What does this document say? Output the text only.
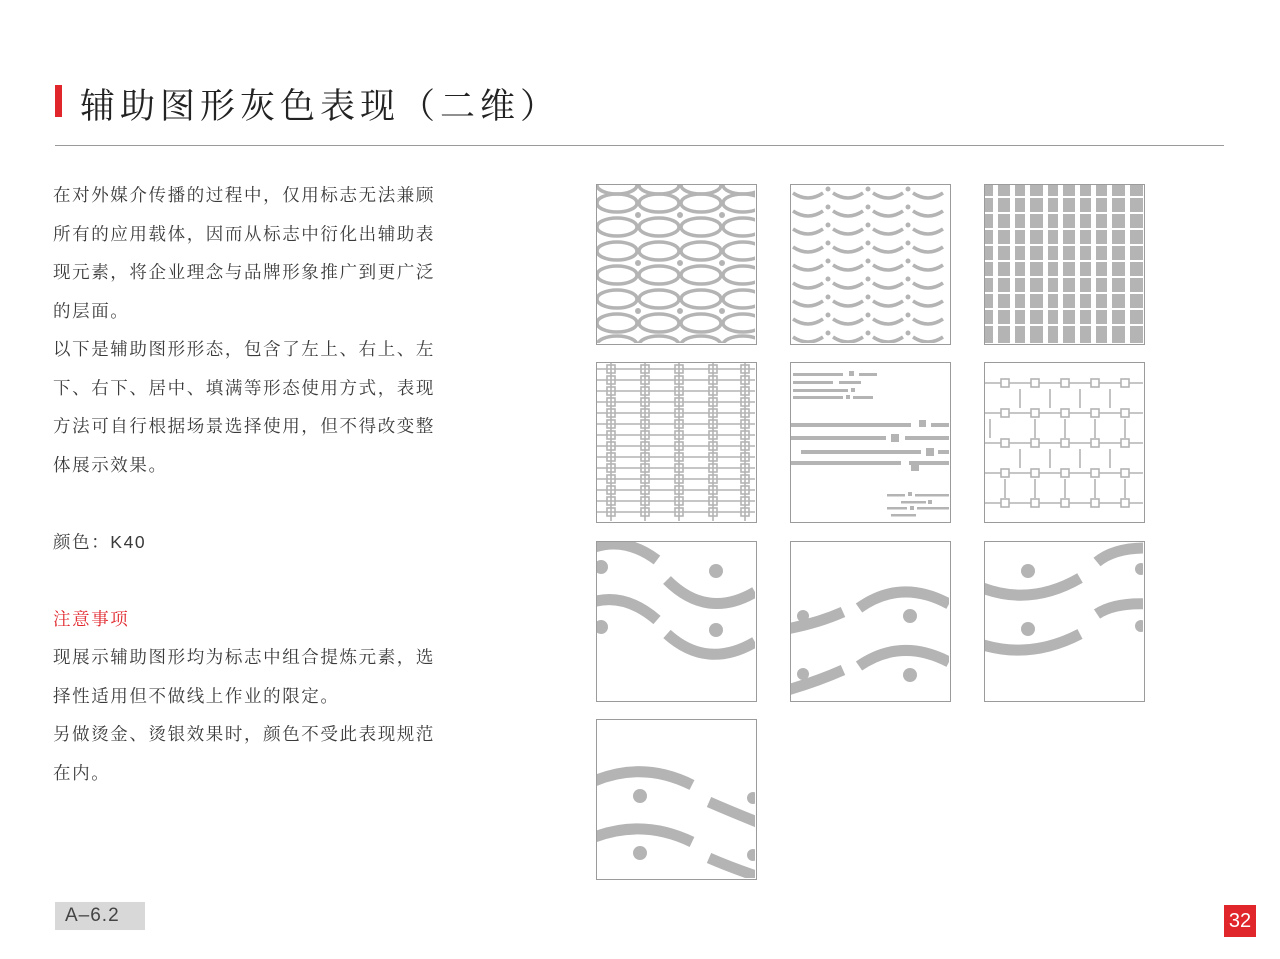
辅助图形灰色表现（二维）

在对外媒介传播的过程中，仅用标志无法兼顾所有的应用载体，因而从标志中衍化出辅助表现元素，将企业理念与品牌形象推广到更广泛的层面。

以下是辅助图形形态，包含了左上、右上、左下、右下、居中、填满等形态使用方式，表现方法可自行根据场景选择使用，但不得改变整体展示效果。

颜色：K40

注意事项

现展示辅助图形均为标志中组合提炼元素，选择性适用但不做线上作业的限定。

另做烫金、烫银效果时，颜色不受此表现规范在内。

A–6.2	32
